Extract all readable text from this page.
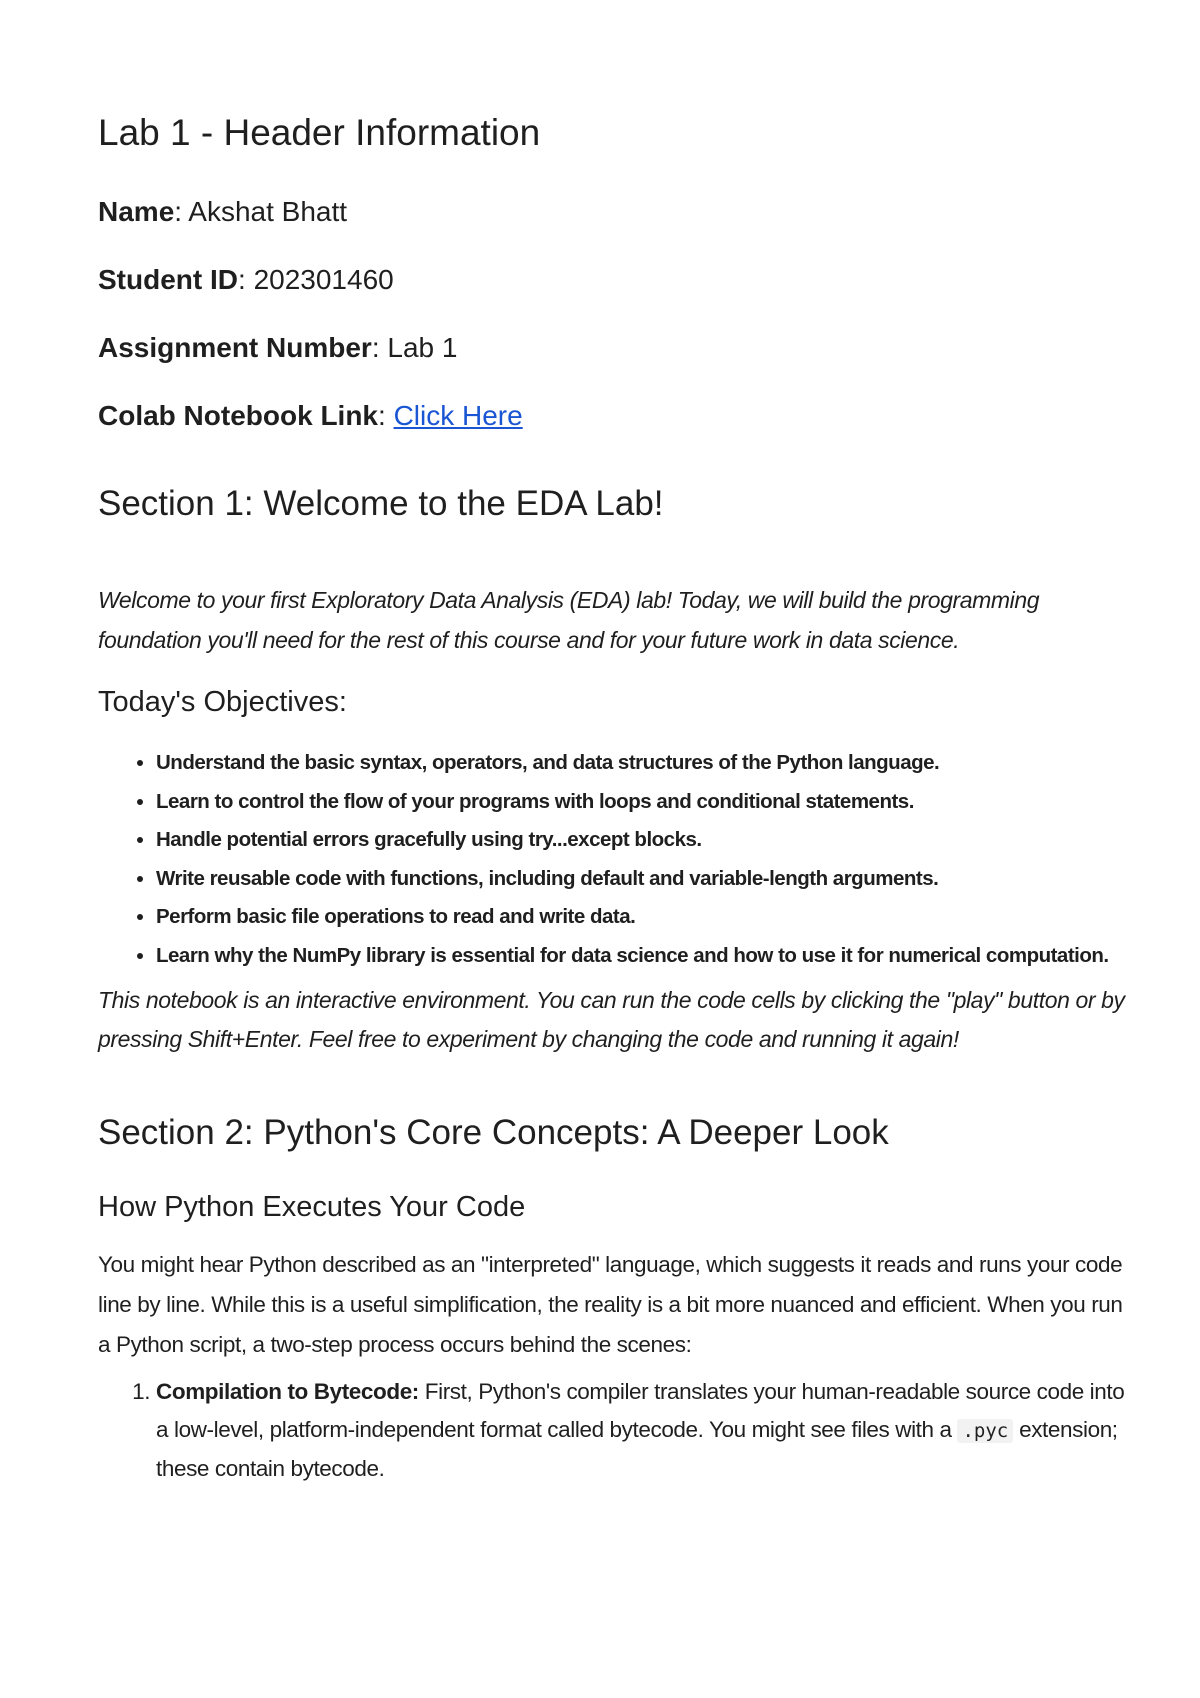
Lab 1 - Header Information

Name: Akshat Bhatt

Student ID: 202301460

Assignment Number: Lab 1

Colab Notebook Link: Click Here

Section 1: Welcome to the EDA Lab!

Welcome to your first Exploratory Data Analysis (EDA) lab! Today, we will build the programming foundation you'll need for the rest of this course and for your future work in data science.

Today's Objectives:
• Understand the basic syntax, operators, and data structures of the Python language.
• Learn to control the flow of your programs with loops and conditional statements.
• Handle potential errors gracefully using try...except blocks.
• Write reusable code with functions, including default and variable-length arguments.
• Perform basic file operations to read and write data.
• Learn why the NumPy library is essential for data science and how to use it for numerical computation.

This notebook is an interactive environment. You can run the code cells by clicking the "play" button or by pressing Shift+Enter. Feel free to experiment by changing the code and running it again!

Section 2: Python's Core Concepts: A Deeper Look
How Python Executes Your Code

You might hear Python described as an "interpreted" language, which suggests it reads and runs your code line by line. While this is a useful simplification, the reality is a bit more nuanced and efficient. When you run a Python script, a two-step process occurs behind the scenes:

1. Compilation to Bytecode: First, Python's compiler translates your human-readable source code into a low-level, platform-independent format called bytecode. You might see files with a .pyc extension; these contain bytecode.
